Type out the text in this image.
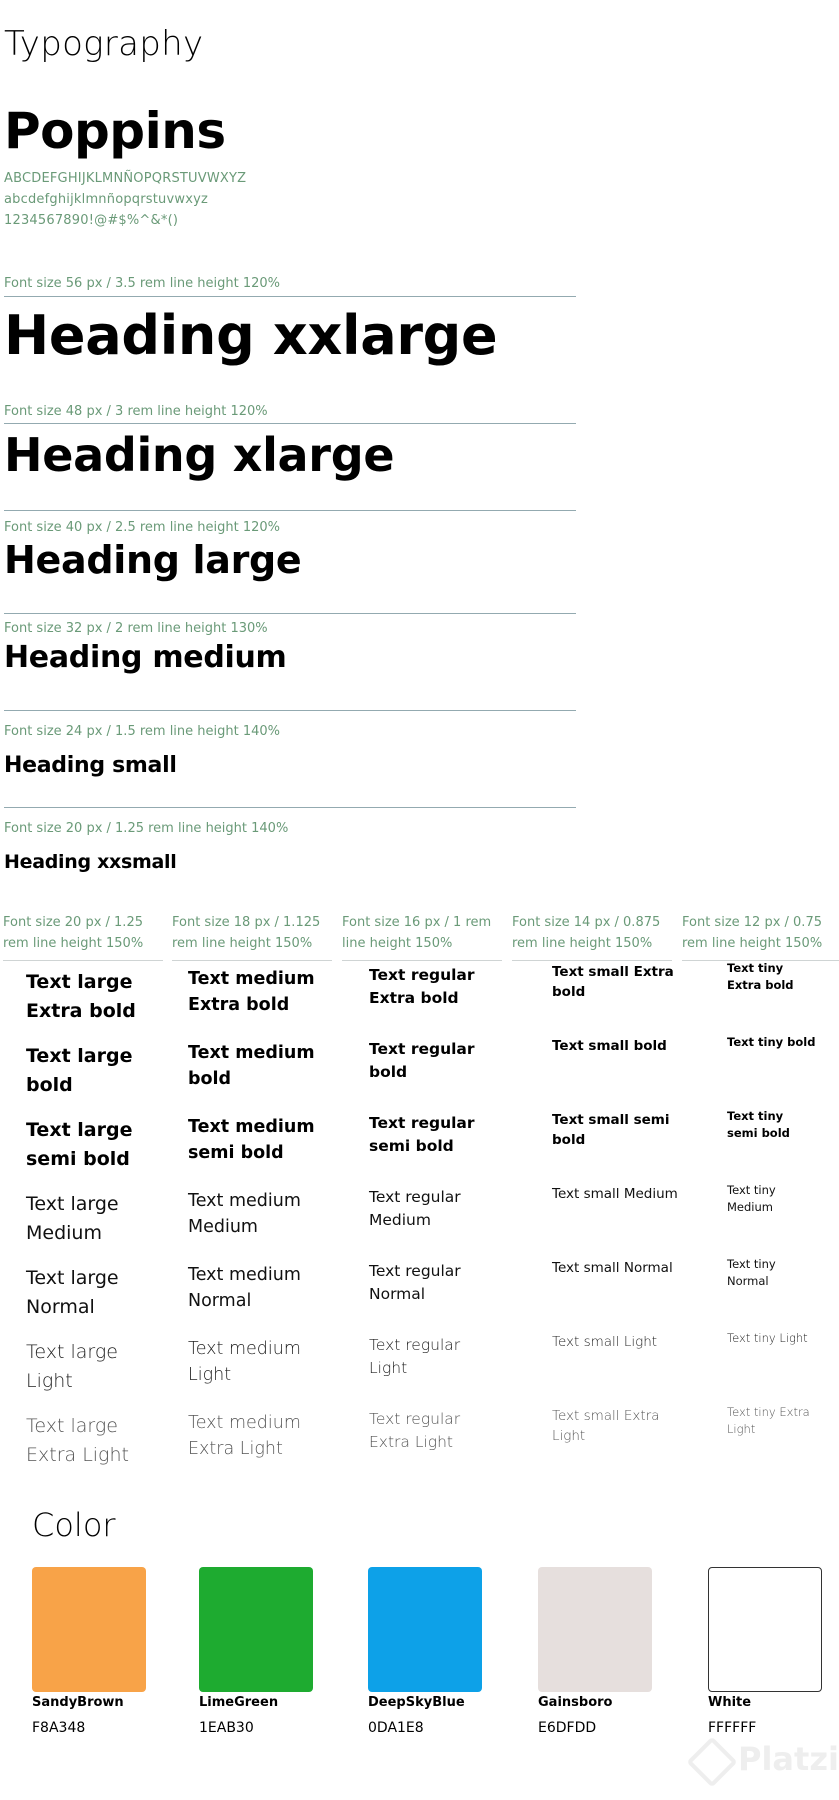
Typography
Poppins
ABCDEFGHIJKLMNÑOPQRSTUVWXYZ
abcdefghijklmnñopqrstuvwxyz
1234567890!@#$%^&*()
Font size 56 px / 3.5 rem line height 120%
Heading xxlarge
Font size 48 px / 3 rem line height 120%
Heading xlarge
Font size 40 px / 2.5 rem line height 120%
Heading large
Font size 32 px / 2 rem line height 130%
Heading medium
Font size 24 px / 1.5 rem line height 140%
Heading small
Font size 20 px / 1.25 rem line height 140%
Heading xxsmall
Font size 20 px / 1.25 rem line height 150%
Text large Extra bold
Text large bold
Text large semi bold
Text large Medium
Text large Normal
Text large Light
Text large Extra Light
Font size 18 px / 1.125 rem line height 150%
Text medium Extra bold
Text medium bold
Text medium semi bold
Text medium Medium
Text medium Normal
Text medium Light
Text medium Extra Light
Font size 16 px / 1 rem line height 150%
Text regular Extra bold
Text regular bold
Text regular semi bold
Text regular Medium
Text regular Normal
Text regular Light
Text regular Extra Light
Font size 14 px / 0.875 rem line height 150%
Text small Extra bold
Text small bold
Text small semi bold
Text small Medium
Text small Normal
Text small Light
Text small Extra Light
Font size 12 px / 0.75 rem line height 150%
Text tiny Extra bold
Text tiny bold
Text tiny semi bold
Text tiny Medium
Text tiny Normal
Text tiny Light
Text tiny Extra Light
Color
SandyBrown
F8A348
LimeGreen
1EAB30
DeepSkyBlue
0DA1E8
Gainsboro
E6DFDD
White
FFFFFF
Platzi
